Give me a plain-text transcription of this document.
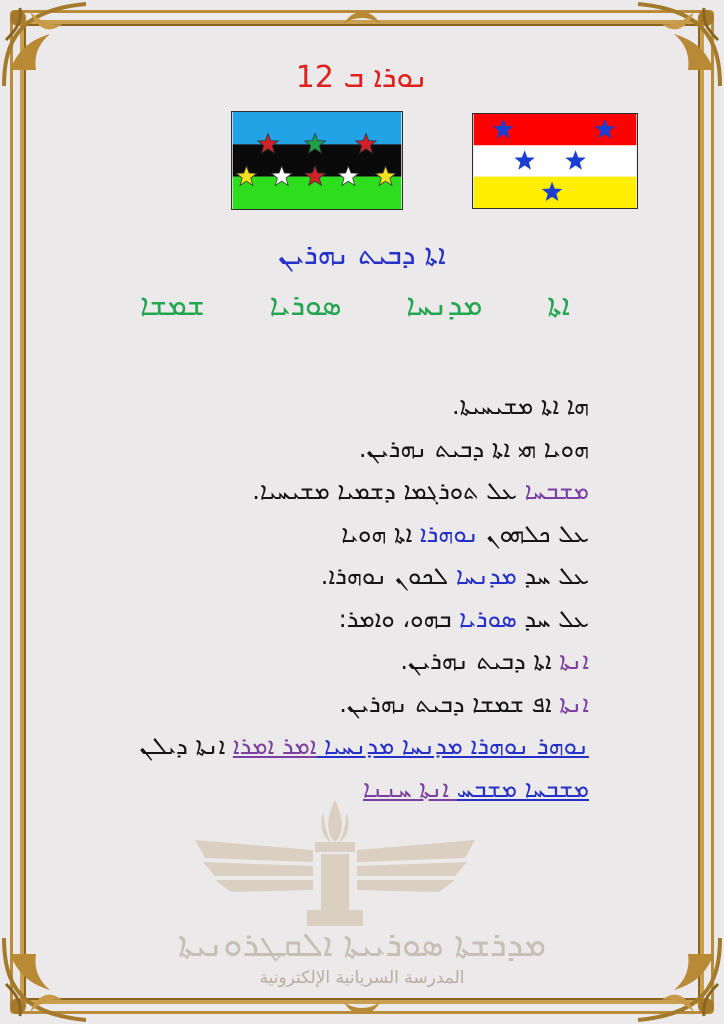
ܢܘܪܐ ܒ 12
ܐܬܐ ܕܒܝܬ ܢܗܪܝܢ
ܐܬܐ
ܡܕܢܚܐ
ܣܘܪܝܐ
ܫܡܫܐ
ܗܐ ܐܬܐ ܡܫܝܚܝܬܐ.
ܗܘܝܐ ܗܝ ܐܬܐ ܕܒܝܬ ܢܗܪܝܢ.
ܡܫܒܚܐ ܥܠ ܬܘܪܓܡܐ ܕܫܡܝܐ ܡܫܝܚܝܐ.
ܥܠ ܟܠܗܘܢ ܢܘܗܪܐ ܐܬܐ ܗܘܝܐ
ܥܠ ܚܕ ܡܕܢܚܐ ܠܟܘܢ ܢܘܗܪܐ.
ܥܠ ܚܕ ܣܘܪܝܐ ܒܗܘ، ܘܐܡܪ:
ܐܢܬܐ ܐܬܐ ܕܒܝܬ ܢܗܪܝܢ.
ܐܢܬܐ ܐܦ ܫܡܫܐ ܕܒܝܬ ܢܗܪܝܢ.
ܢܘܗܪ ܢܘܗܪܐ ܡܕܢܚܐ ܡܕܢܚܝܐ ܐܡܪ ܐܡܪܐ ܐܢܬܐ ܕܝܠܢ
ܡܫܒܚܐ ܡܫܒܚ ܐܢܬܐ ܚܢܢܐ
ܡܕܪܫܬܐ ܣܘܪܝܝܬܐ ܐܠܩܛܪܘܢܝܬܐ
المدرسة السريانية الإلكترونية
